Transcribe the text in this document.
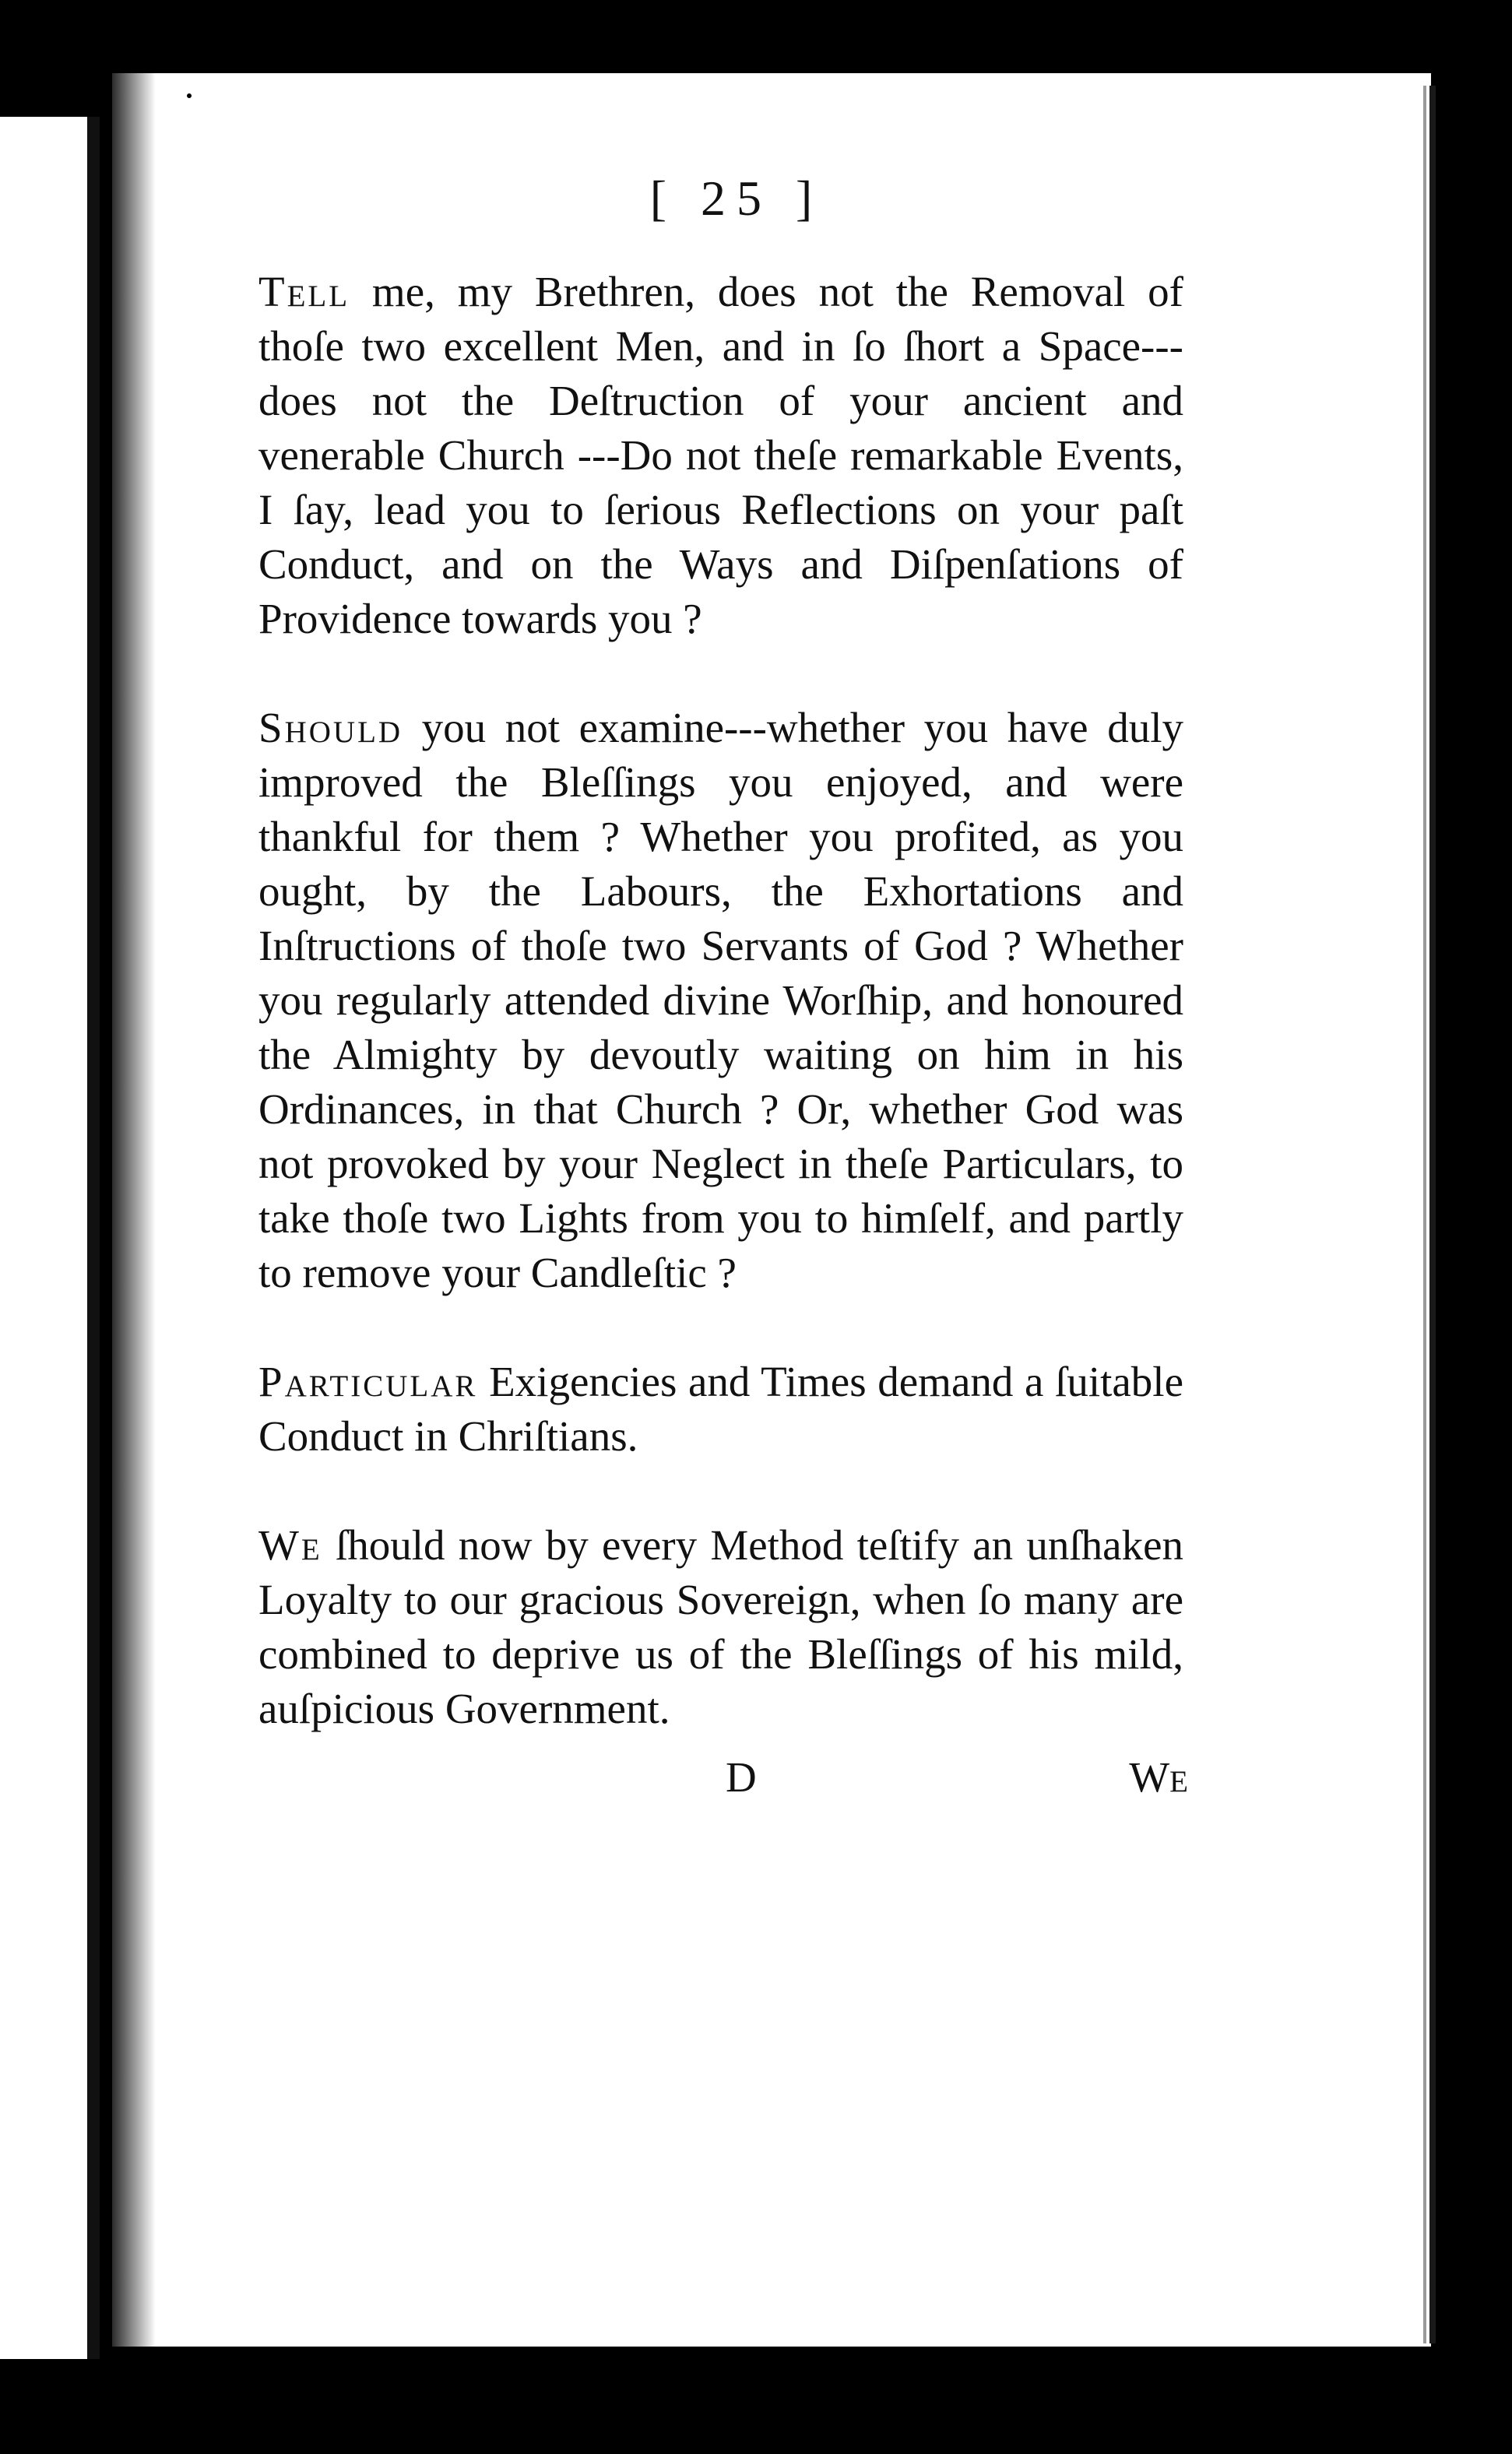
[ 25 ]

Tell me, my Brethren, does not the Removal of thoſe two excellent Men, and in ſo ſhort a Space---does not the Deſtruction of your ancient and venerable Church ---Do not theſe remarkable Events, I ſay, lead you to ſerious Reflections on your paſt Conduct, and on the Ways and Diſpenſations of Providence towards you ?

Should you not examine---whether you have duly improved the Bleſſings you enjoyed, and were thankful for them ? Whether you profited, as you ought, by the Labours, the Exhortations and Inſtructions of thoſe two Servants of God ? Whether you regularly attended divine Worſhip, and honoured the Almighty by devoutly waiting on him in his Ordinances, in that Church ? Or, whether God was not provoked by your Neglect in theſe Particulars, to take thoſe two Lights from you to himſelf, and partly to remove your Candleſtic ?

Particular Exigencies and Times demand a ſuitable Conduct in Chriſtians.

We ſhould now by every Method teſtify an unſhaken Loyalty to our gracious Sovereign, when ſo many are combined to deprive us of the Bleſſings of his mild, auſpicious Government.

D	We
